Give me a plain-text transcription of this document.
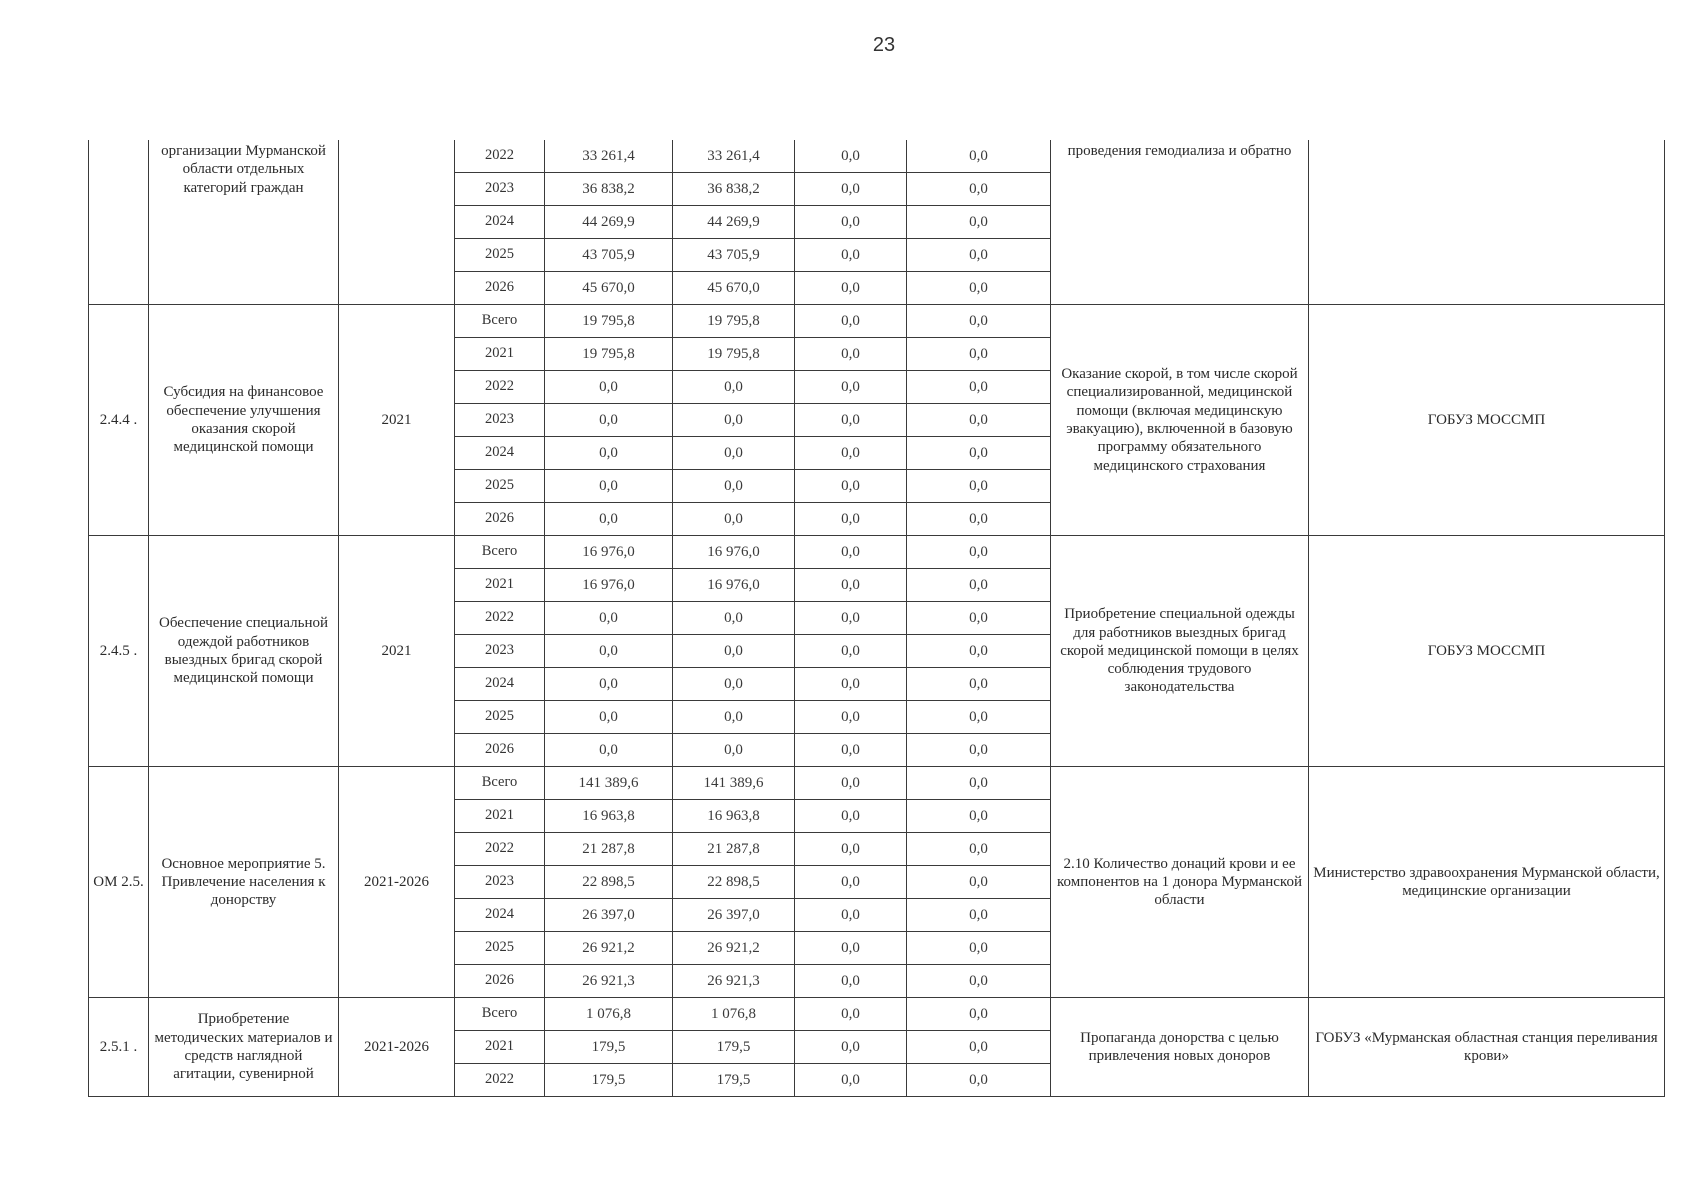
23
	организации Мурманской области отдельных категорий граждан		2022	33 261,4	33 261,4	0,0	0,0	проведения гемодиализа и обратно	
			2023	36 838,2	36 838,2	0,0	0,0		
			2024	44 269,9	44 269,9	0,0	0,0		
			2025	43 705,9	43 705,9	0,0	0,0		
			2026	45 670,0	45 670,0	0,0	0,0		
2.4.4 .	Субсидия на финансовое обеспечение улучшения оказания скорой медицинской помощи	2021	Всего	19 795,8	19 795,8	0,0	0,0	Оказание скорой, в том числе скорой специализированной, медицинской помощи (включая медицинскую эвакуацию), включенной в базовую программу обязательного медицинского страхования	ГОБУЗ МОССМП
			2021	19 795,8	19 795,8	0,0	0,0		
			2022	0,0	0,0	0,0	0,0		
			2023	0,0	0,0	0,0	0,0		
			2024	0,0	0,0	0,0	0,0		
			2025	0,0	0,0	0,0	0,0		
			2026	0,0	0,0	0,0	0,0		
2.4.5 .	Обеспечение специальной одеждой работников выездных бригад скорой медицинской помощи	2021	Всего	16 976,0	16 976,0	0,0	0,0	Приобретение специальной одежды для работников выездных бригад скорой медицинской помощи в целях соблюдения трудового законодательства	ГОБУЗ МОССМП
			2021	16 976,0	16 976,0	0,0	0,0		
			2022	0,0	0,0	0,0	0,0		
			2023	0,0	0,0	0,0	0,0		
			2024	0,0	0,0	0,0	0,0		
			2025	0,0	0,0	0,0	0,0		
			2026	0,0	0,0	0,0	0,0		
ОМ 2.5.	Основное мероприятие 5. Привлечение населения к донорству	2021-2026	Всего	141 389,6	141 389,6	0,0	0,0	2.10 Количество донаций крови и ее компонентов на 1 донора Мурманской области	Министерство здравоохранения Мурманской области, медицинские организации
			2021	16 963,8	16 963,8	0,0	0,0		
			2022	21 287,8	21 287,8	0,0	0,0		
			2023	22 898,5	22 898,5	0,0	0,0		
			2024	26 397,0	26 397,0	0,0	0,0		
			2025	26 921,2	26 921,2	0,0	0,0		
			2026	26 921,3	26 921,3	0,0	0,0		
2.5.1 .	Приобретение методических материалов и средств наглядной агитации, сувенирной	2021-2026	Всего	1 076,8	1 076,8	0,0	0,0	Пропаганда донорства с целью привлечения новых доноров	ГОБУЗ «Мурманская областная станция переливания крови»
			2021	179,5	179,5	0,0	0,0		
			2022	179,5	179,5	0,0	0,0		
